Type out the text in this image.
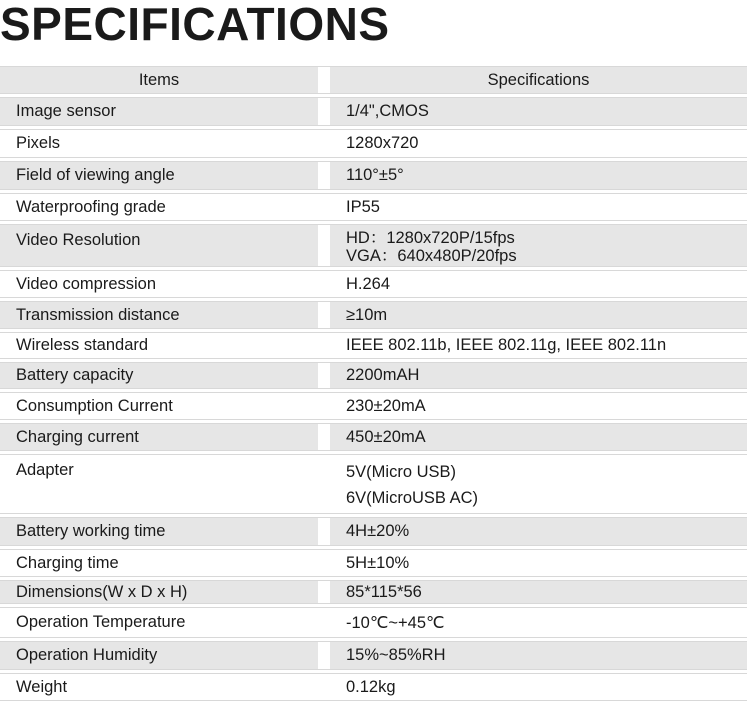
SPECIFICATIONS
Items	Specifications
Image sensor	1/4",CMOS
Pixels	1280x720
Field of viewing angle	110°±5°
Waterproofing grade	IP55
Video Resolution	HD：1280x720P/15fps
VGA：640x480P/20fps
Video compression	H.264
Transmission distance	≥10m
Wireless standard	IEEE 802.11b, IEEE 802.11g, IEEE 802.11n
Battery capacity	2200mAH
Consumption Current	230±20mA
Charging current	450±20mA
Adapter	5V(Micro USB)
6V(MicroUSB AC)
Battery working time	4H±20%
Charging time	5H±10%
Dimensions(W x D x H)	85*115*56
Operation Temperature	-10℃~+45℃
Operation Humidity	15%~85%RH
Weight	0.12kg
